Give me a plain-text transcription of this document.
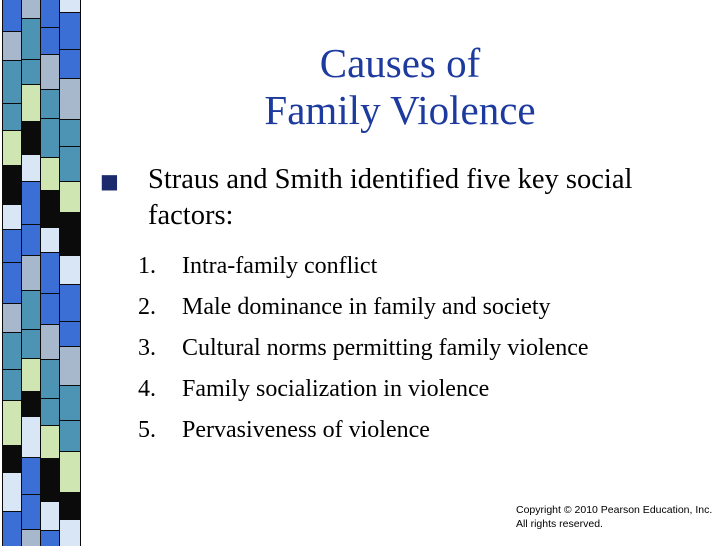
Causes of
Family Violence
■ Straus and Smith identified five key social factors:
1. Intra-family conflict
2. Male dominance in family and society
3. Cultural norms permitting family violence
4. Family socialization in violence
5. Pervasiveness of violence
Copyright © 2010 Pearson Education, Inc.
All rights reserved.
